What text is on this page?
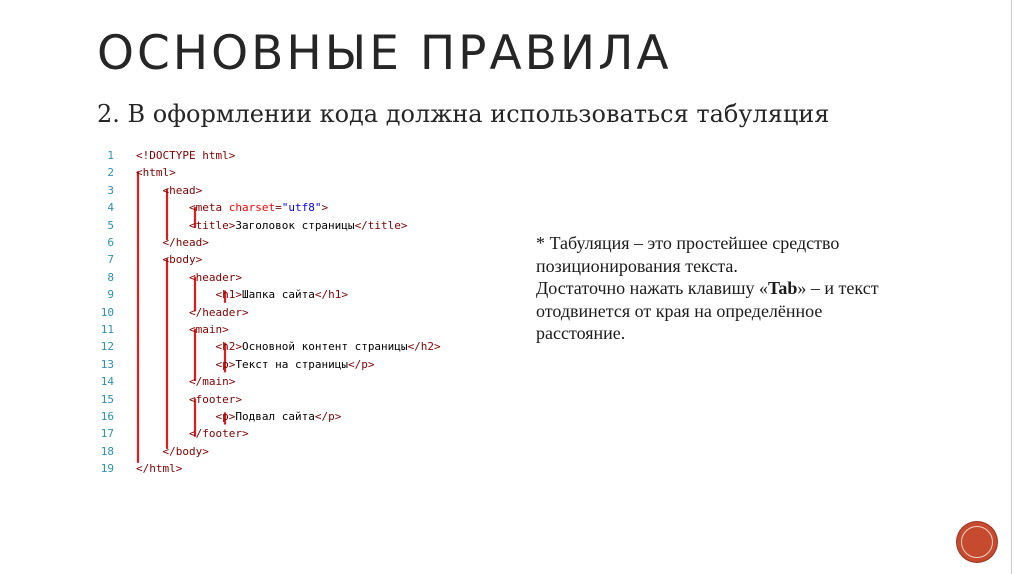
ОСНОВНЫЕ ПРАВИЛА
2. В оформлении кода должна использоваться табуляция
1 <!DOCTYPE html>
2 <html>
3	<head>
4	<meta charset="utf8">
5	<title>Заголовок страницы</title>
6	</head>
7	<body>
8	<header>
9	<h1>Шапка сайта</h1>
10	</header>
11	<main>
12	<h2>Основной контент страницы</h2>
13	<p>Текст на страницы</p>
14	</main>
15	<footer>
16	<p>Подвал сайта</p>
17	</footer>
18	</body>
19 </html>

* Табуляция – это простейшее средство позиционирования текста.

Достаточно нажать клавишу «Tab» – и текст отодвинется от края на определённое расстояние.
